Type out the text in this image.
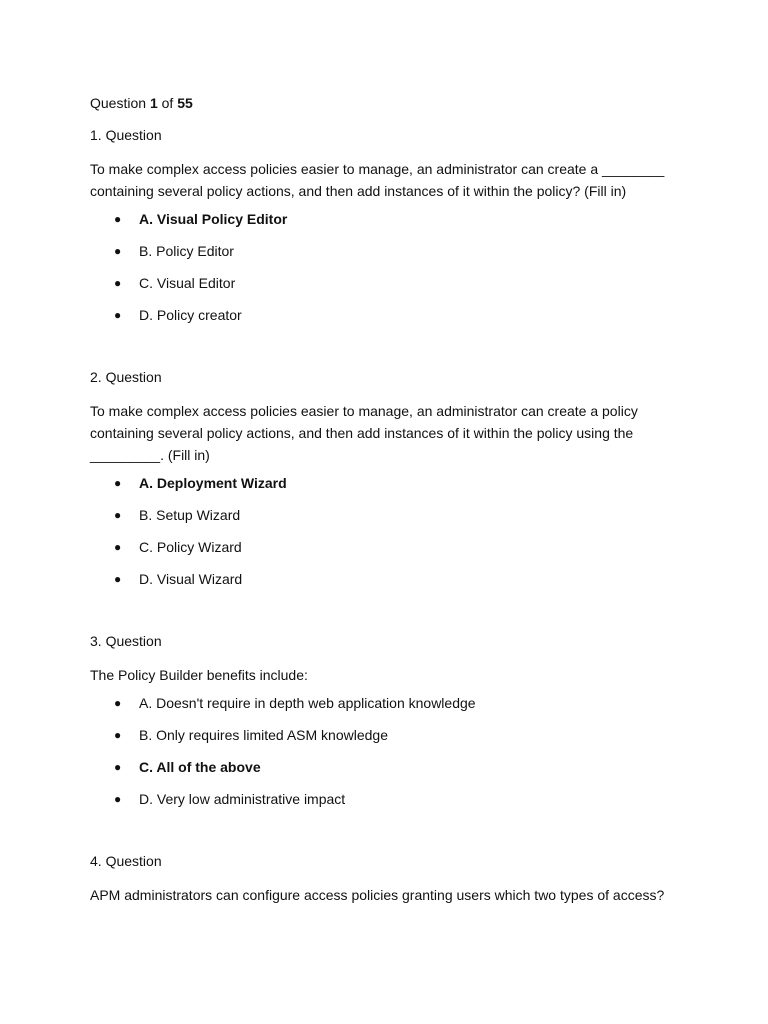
Question 1 of 55
1. Question
To make complex access policies easier to manage, an administrator can create a ________ containing several policy actions, and then add instances of it within the policy? (Fill in)
● A. Visual Policy Editor
● B. Policy Editor
● C. Visual Editor
● D. Policy creator
2. Question
To make complex access policies easier to manage, an administrator can create a policy containing several policy actions, and then add instances of it within the policy using the _________. (Fill in)
● A. Deployment Wizard
● B. Setup Wizard
● C. Policy Wizard
● D. Visual Wizard
3. Question
The Policy Builder benefits include:
● A. Doesn't require in depth web application knowledge
● B. Only requires limited ASM knowledge
● C. All of the above
● D. Very low administrative impact
4. Question
APM administrators can configure access policies granting users which two types of access?
